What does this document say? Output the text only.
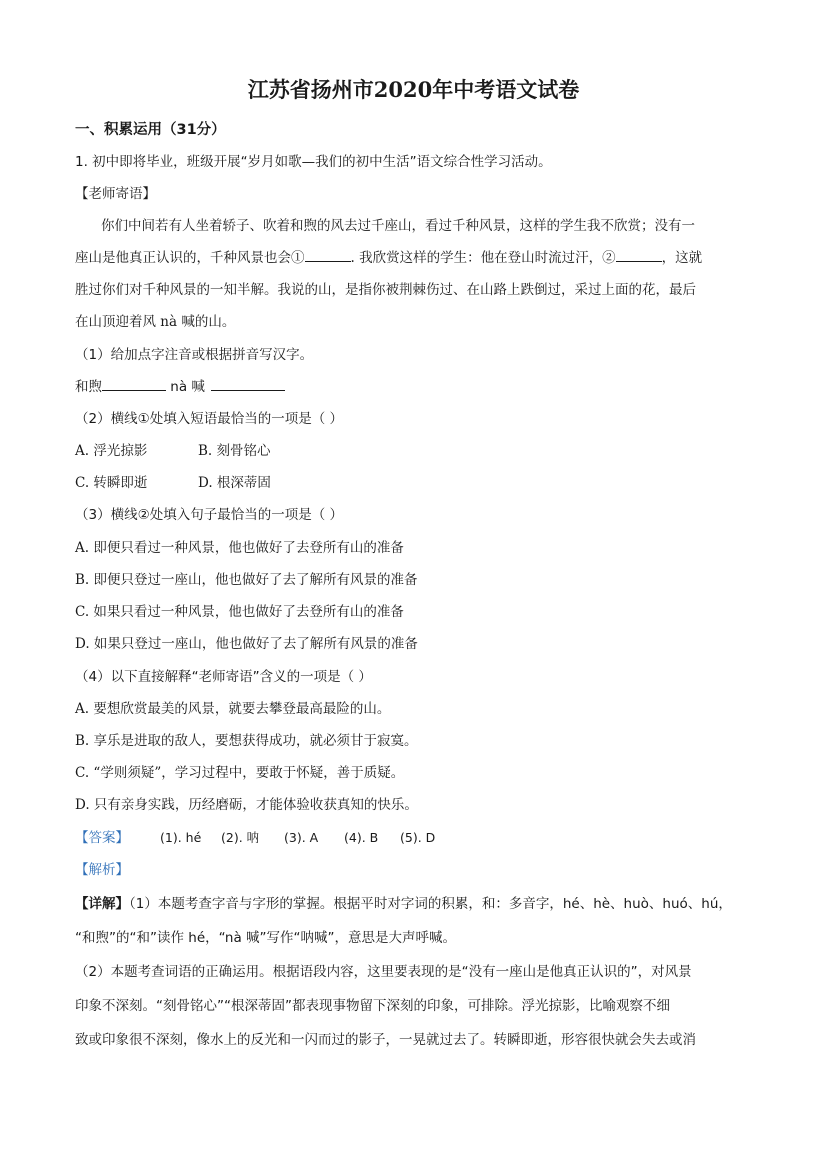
江苏省扬州市2020年中考语文试卷
一、积累运用（31分）
1. 初中即将毕业，班级开展“岁月如歌—我们的初中生活”语文综合性学习活动。
【老师寄语】
你们中间若有人坐着轿子、吹着和煦的风去过千座山，看过千种风景，这样的学生我不欣赏；没有一
座山是他真正认识的，千种风景也会①	. 我欣赏这样的学生：他在登山时流过汗，②	，这就
胜过你们对千种风景的一知半解。我说的山，是指你被荆棘伤过、在山路上跌倒过，采过上面的花，最后
在山顶迎着风 nà 喊的山。
（1）给加点字注音或根据拼音写汉字。
和煦	nà 喊
（2）横线①处填入短语最恰当的一项是（ ）
A. 浮光掠影	B. 刻骨铭心
C. 转瞬即逝	D. 根深蒂固
（3）横线②处填入句子最恰当的一项是（ ）
A. 即便只看过一种风景，他也做好了去登所有山的准备
B. 即便只登过一座山，他也做好了去了解所有风景的准备
C. 如果只看过一种风景，他也做好了去登所有山的准备
D. 如果只登过一座山，他也做好了去了解所有风景的准备
（4）以下直接解释“老师寄语”含义的一项是（ ）
A. 要想欣赏最美的风景，就要去攀登最高最险的山。
B. 享乐是进取的敌人，要想获得成功，就必须甘于寂寞。
C. “学则须疑”，学习过程中，要敢于怀疑，善于质疑。
D. 只有亲身实践，历经磨砺，才能体验收获真知的快乐。
【答案】 (1). hé (2). 呐 (3). A (4). B (5). D
【解析】
【详解】（1）本题考查字音与字形的掌握。根据平时对字词的积累，和：多音字，hé、hè、huò、huó、hú，
“和煦”的“和”读作 hé，“nà 喊”写作“呐喊”，意思是大声呼喊。
（2）本题考查词语的正确运用。根据语段内容，这里要表现的是“没有一座山是他真正认识的”，对风景
印象不深刻。“刻骨铭心”“根深蒂固”都表现事物留下深刻的印象，可排除。浮光掠影，比喻观察不细
致或印象很不深刻，像水上的反光和一闪而过的影子，一晃就过去了。转瞬即逝，形容很快就会失去或消
